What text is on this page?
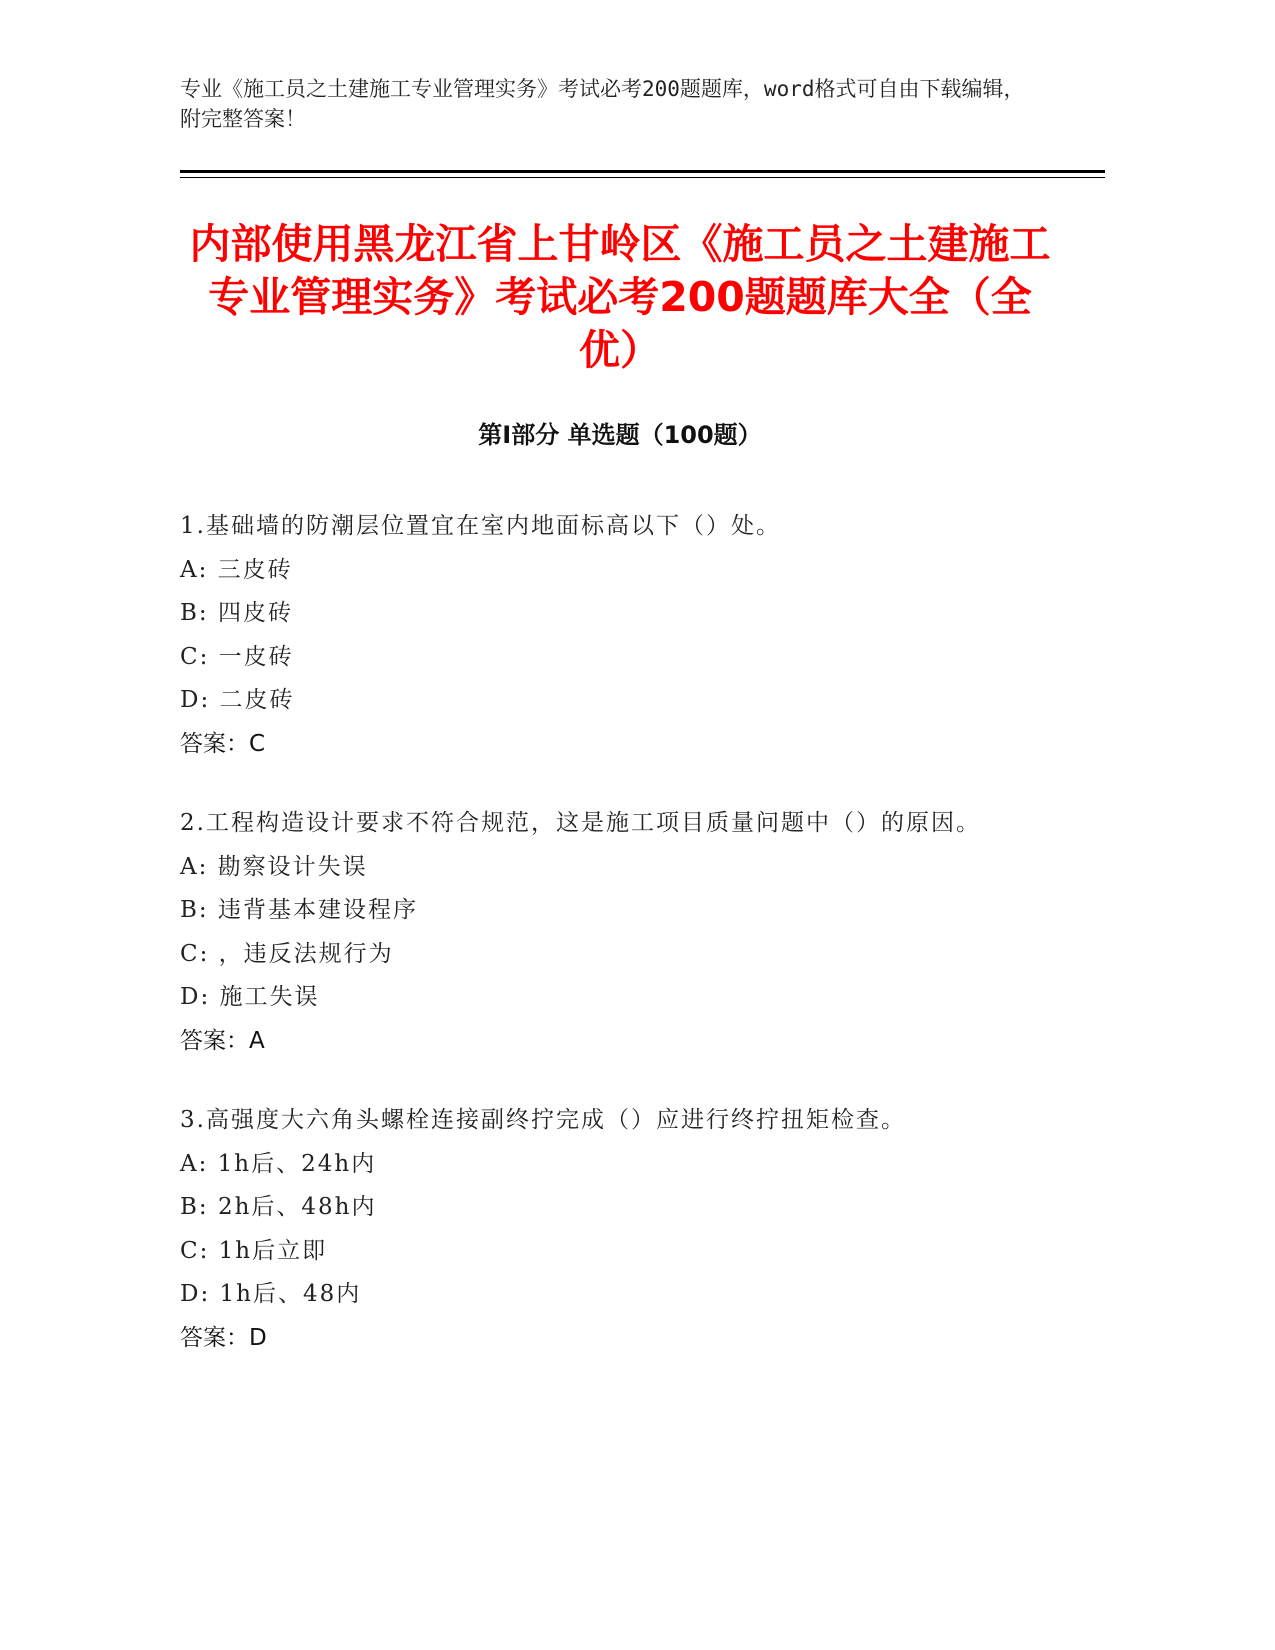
专业《施工员之土建施工专业管理实务》考试必考200题题库，word格式可自由下载编辑，附完整答案！
内部使用黑龙江省上甘岭区《施工员之土建施工专业管理实务》考试必考200题题库大全（全优）
第Ⅰ部分 单选题（100题）

1.基础墙的防潮层位置宜在室内地面标高以下（）处。

A: 三皮砖

B: 四皮砖

C: 一皮砖

D: 二皮砖

答案：C

2.工程构造设计要求不符合规范，这是施工项目质量问题中（）的原因。

A: 勘察设计失误

B: 违背基本建设程序

C: ，违反法规行为

D: 施工失误

答案：A

3.高强度大六角头螺栓连接副终拧完成（）应进行终拧扭矩检查。

A: 1h后、24h内

B: 2h后、48h内

C: 1h后立即

D: 1h后、48内

答案：D
